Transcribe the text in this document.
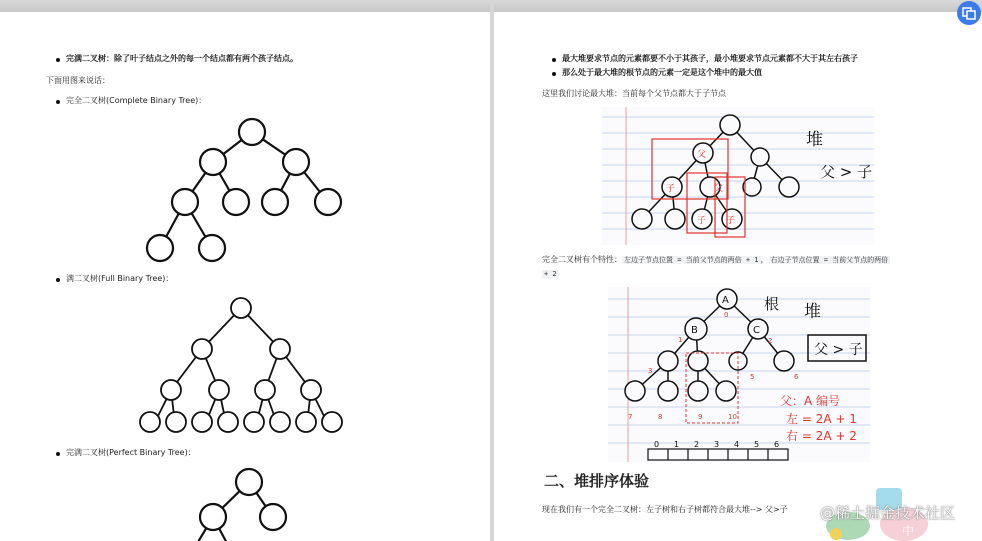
完满二叉树：除了叶子结点之外的每一个结点都有两个孩子结点。
下面用图来说话：
完全二叉树(Complete Binary Tree)：
满二叉树(Full Binary Tree)：
完满二叉树(Perfect Binary Tree)：
最大堆要求节点的元素都要不小于其孩子，最小堆要求节点元素都不大于其左右孩子
那么处于最大堆的根节点的元素一定是这个堆中的最大值
这里我们讨论最大堆：当前每个父节点都大于子节点
父
子	父
子 子
堆
父 > 子
完全二叉树有个特性： 左边子节点位置 = 当前父节点的两倍 + 1 ， 右边子节点位置 = 当前父节点的两倍
+ 2
A
B	C
0
1	2
3
5	6
7	8	9	10
根 堆
父 > 子
父：A 编号
左 = 2A + 1
右 = 2A + 2
0 1 2 3 4 5 6
二、堆排序体验
现在我们有一个完全二叉树：左子树和右子树都符合最大堆--> 父>子
中
@稀土掘金技术社区
